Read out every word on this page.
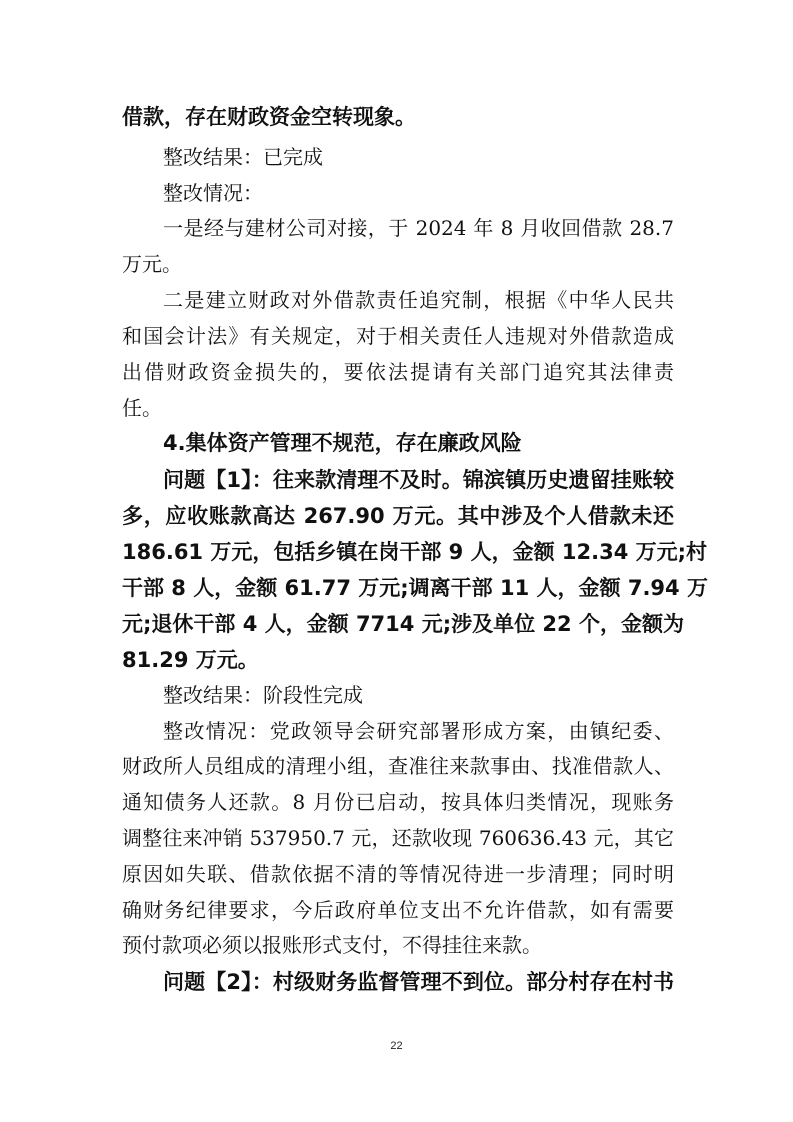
借款，存在财政资金空转现象。
整改结果：已完成
整改情况：
一是经与建材公司对接，于 2024 年 8 月收回借款 28.7
万元。
二是建立财政对外借款责任追究制，根据《中华人民共
和国会计法》有关规定，对于相关责任人违规对外借款造成
出借财政资金损失的，要依法提请有关部门追究其法律责
任。
4.集体资产管理不规范，存在廉政风险
问题【1】：往来款清理不及时。锦滨镇历史遗留挂账较
多，应收账款高达 267.90 万元。其中涉及个人借款未还
186.61 万元，包括乡镇在岗干部 9 人，金额 12.34 万元;村
干部 8 人，金额 61.77 万元;调离干部 11 人，金额 7.94 万
元;退休干部 4 人，金额 7714 元;涉及单位 22 个，金额为
81.29 万元。
整改结果：阶段性完成
整改情况：党政领导会研究部署形成方案，由镇纪委、
财政所人员组成的清理小组，查准往来款事由、找准借款人、
通知债务人还款。8 月份已启动，按具体归类情况，现账务
调整往来冲销 537950.7 元，还款收现 760636.43 元，其它
原因如失联、借款依据不清的等情况待进一步清理；同时明
确财务纪律要求，今后政府单位支出不允许借款，如有需要
预付款项必须以报账形式支付，不得挂往来款。
问题【2】：村级财务监督管理不到位。部分村存在村书
22
